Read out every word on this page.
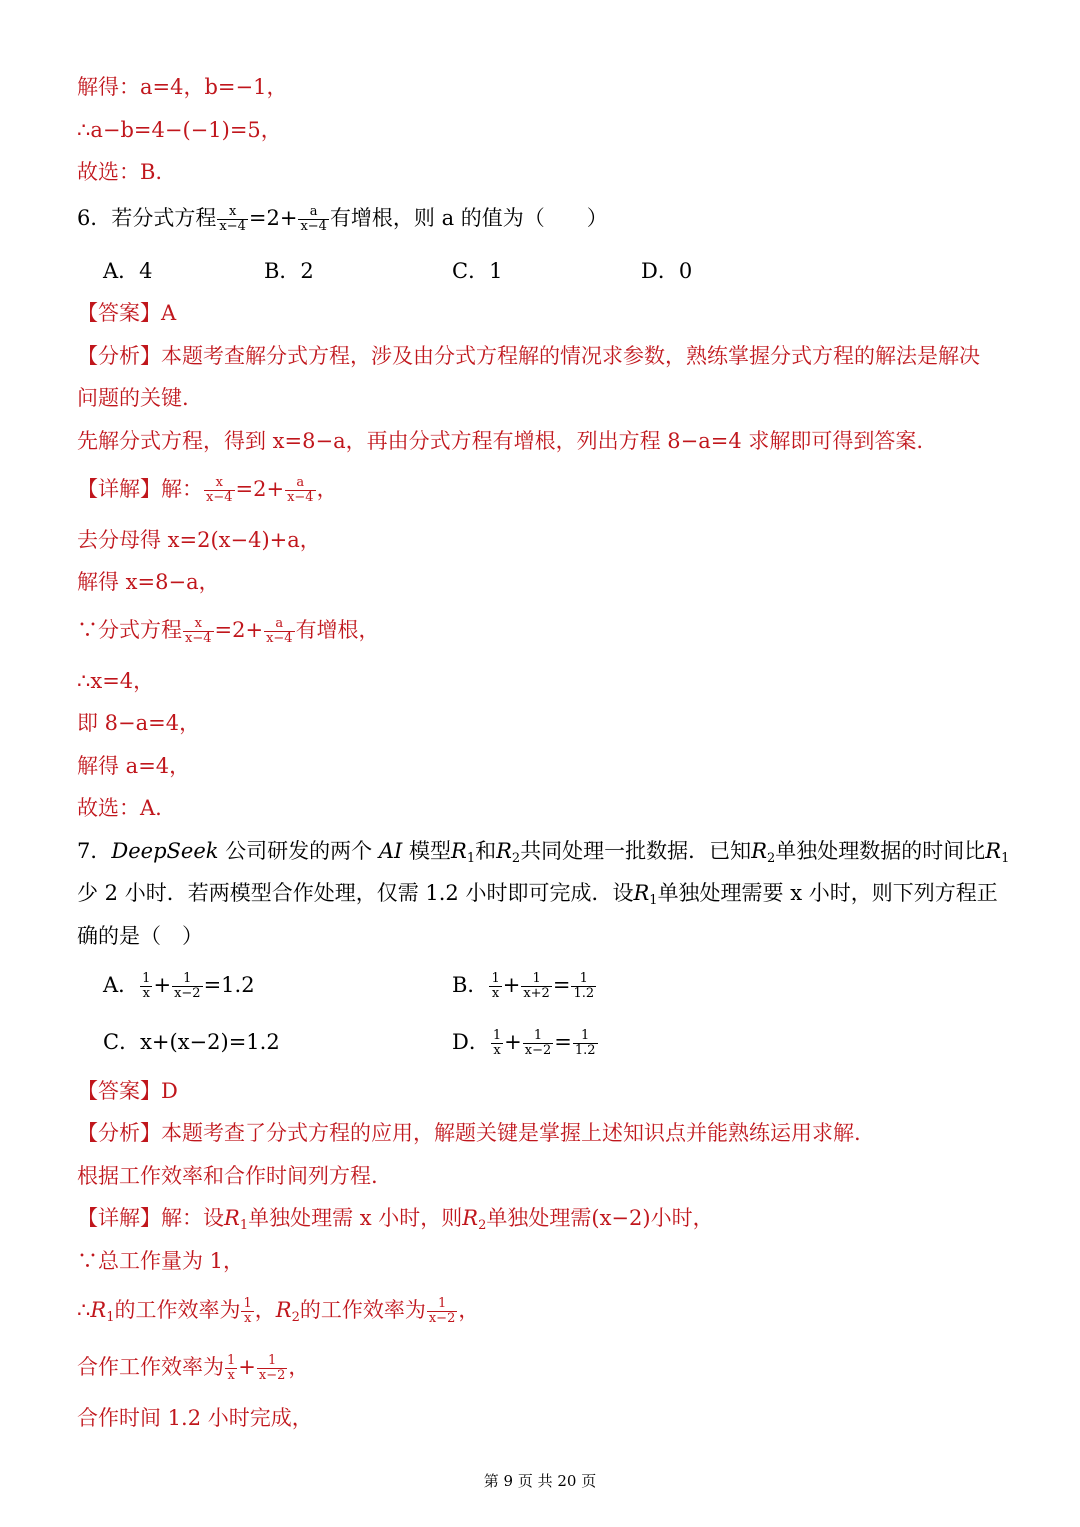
解得：a=4，b=−1，
∴a−b=4−(−1)=5，
故选：B.
6．若分式方程 $\frac{x}{x-4} =2+ \frac{a}{x-4}$ 有增根，则 a 的值为（　　）
A．4	B．2	C．1	D．0
【答案】A
【分析】本题考查解分式方程，涉及由分式方程解的情况求参数，熟练掌握分式方程的解法是解决
问题的关键.
先解分式方程，得到 x=8−a，再由分式方程有增根，列出方程 8−a=4 求解即可得到答案.
【详解】解： $\frac{x}{x-4} =2+ \frac{a}{x-4}$ ，
去分母得 x=2(x−4)+a，
解得 x=8−a，
∵分式方程 $\frac{x}{x-4} =2+ \frac{a}{x-4}$ 有增根，
∴x=4，
即 8−a=4，
解得 a=4，
故选：A.
7．DeepSeek 公司研发的两个 AI 模型$R_1$和$R_2$共同处理一批数据．已知$R_2$单独处理数据的时间比$R_1$
少 2 小时．若两模型合作处理，仅需 1.2 小时即可完成．设$R_1$单独处理需要 x 小时，则下列方程正
确的是（　）
A． $\frac{1}{x} + \frac{1}{x-2} =1.2$	B． $\frac{1}{x} + \frac{1}{x+2} = \frac{1}{1.2}$
C．x+(x−2)=1.2	D． $\frac{1}{x} + \frac{1}{x-2} = \frac{1}{1.2}$
【答案】D
【分析】本题考查了分式方程的应用，解题关键是掌握上述知识点并能熟练运用求解.
根据工作效率和合作时间列方程.
【详解】解：设$R_1$单独处理需 x 小时，则$R_2$单独处理需(x−2)小时，
∵总工作量为 1，
$\therefore R_1$的工作效率为 $\frac{1}{x}$ ，$R_2$的工作效率为 $\frac{1}{x-2}$ ，
合作工作效率为 $\frac{1}{x} + \frac{1}{x-2}$ ，
合作时间 1.2 小时完成，
第 9 页 共 20 页
